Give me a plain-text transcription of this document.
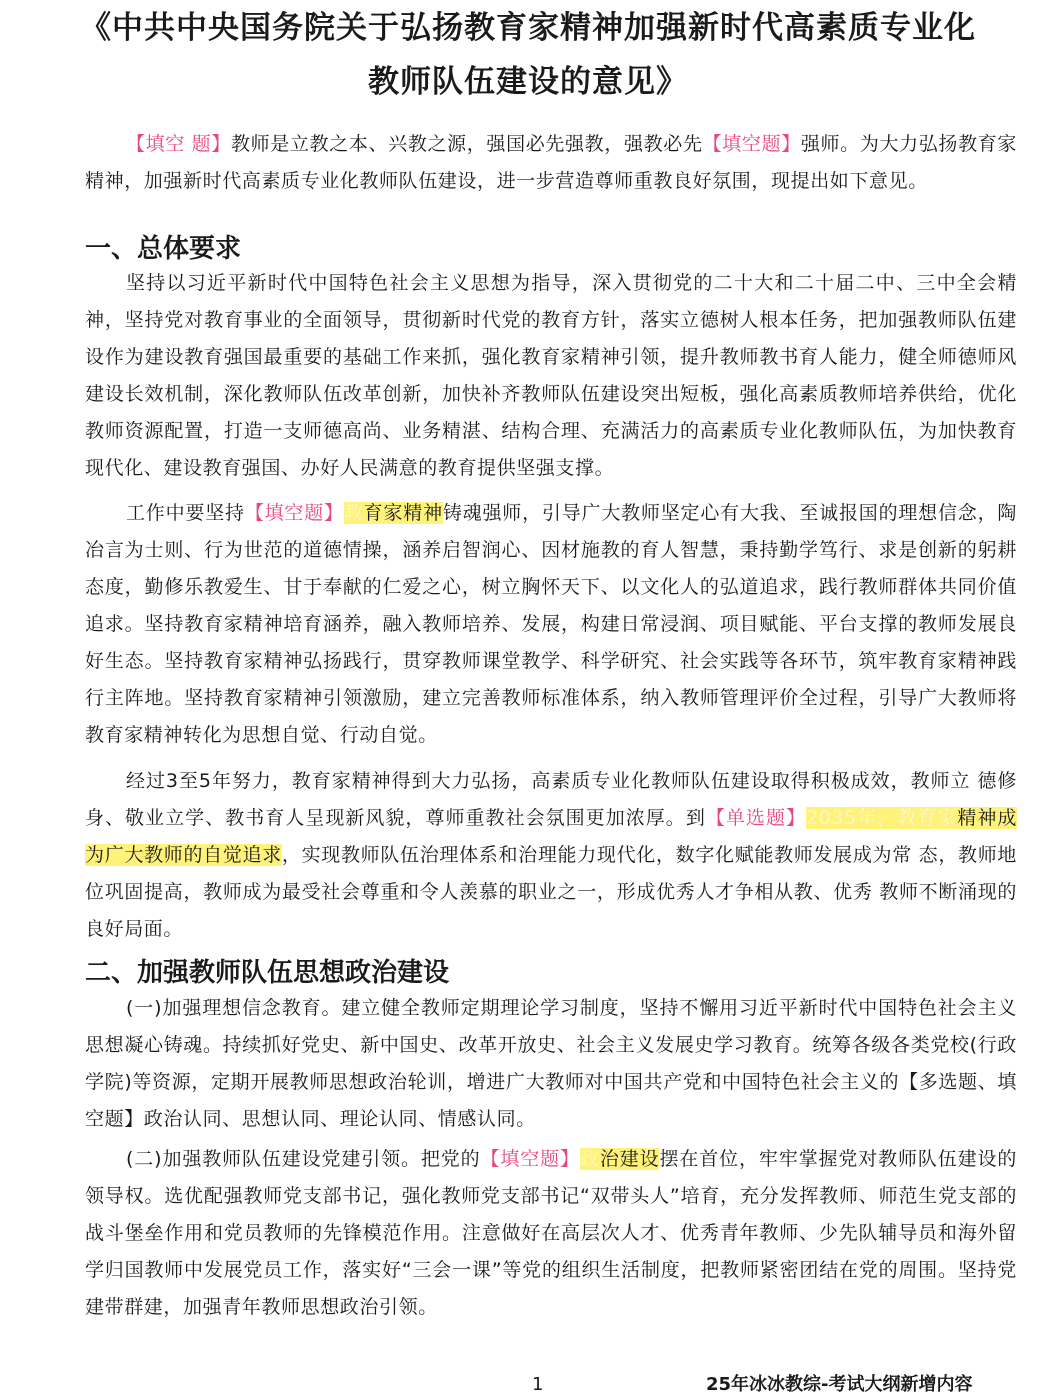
《中共中央国务院关于弘扬教育家精神加强新时代高素质专业化
教师队伍建设的意见》

【填空 题】教师是立教之本、兴教之源，强国必先强教，强教必先【填空题】强师。为大力弘扬教育家精神，加强新时代高素质专业化教师队伍建设，进一步营造尊师重教良好氛围，现提出如下意见。

一、总体要求

坚持以习近平新时代中国特色社会主义思想为指导，深入贯彻党的二十大和二十届二中、三中全会精神，坚持党对教育事业的全面领导，贯彻新时代党的教育方针，落实立德树人根本任务，把加强教师队伍建设作为建设教育强国最重要的基础工作来抓，强化教育家精神引领，提升教师教书育人能力，健全师德师风建设长效机制，深化教师队伍改革创新，加快补齐教师队伍建设突出短板，强化高素质教师培养供给，优化教师资源配置，打造一支师德高尚、业务精湛、结构合理、充满活力的高素质专业化教师队伍，为加快教育现代化、建设教育强国、办好人民满意的教育提供坚强支撑。

工作中要坚持【填空题】教育家精神铸魂强师，引导广大教师坚定心有大我、至诚报国的理想信念，陶冶言为士则、行为世范的道德情操，涵养启智润心、因材施教的育人智慧，秉持勤学笃行、求是创新的躬耕态度，勤修乐教爱生、甘于奉献的仁爱之心，树立胸怀天下、以文化人的弘道追求，践行教师群体共同价值追求。坚持教育家精神培育涵养，融入教师培养、发展，构建日常浸润、项目赋能、平台支撑的教师发展良好生态。坚持教育家精神弘扬践行，贯穿教师课堂教学、科学研究、社会实践等各环节，筑牢教育家精神践行主阵地。坚持教育家精神引领激励，建立完善教师标准体系，纳入教师管理评价全过程，引导广大教师将教育家精神转化为思想自觉、行动自觉。

经过3至5年努力，教育家精神得到大力弘扬，高素质专业化教师队伍建设取得积极成效，教师立 德修身、敬业立学、教书育人呈现新风貌，尊师重教社会氛围更加浓厚。到【单选题】2035年，教育家精神成为广大教师的自觉追求，实现教师队伍治理体系和治理能力现代化，数字化赋能教师发展成为常 态，教师地位巩固提高，教师成为最受社会尊重和令人羡慕的职业之一，形成优秀人才争相从教、优秀 教师不断涌现的良好局面。

二、加强教师队伍思想政治建设

(一)加强理想信念教育。建立健全教师定期理论学习制度，坚持不懈用习近平新时代中国特色社会主义思想凝心铸魂。持续抓好党史、新中国史、改革开放史、社会主义发展史学习教育。统筹各级各类党校(行政学院)等资源，定期开展教师思想政治轮训，增进广大教师对中国共产党和中国特色社会主义的【多选题、填空题】政治认同、思想认同、理论认同、情感认同。

(二)加强教师队伍建设党建引领。把党的【填空题】政治建设摆在首位，牢牢掌握党对教师队伍建设的领导权。选优配强教师党支部书记，强化教师党支部书记“双带头人”培育，充分发挥教师、师范生党支部的战斗堡垒作用和党员教师的先锋模范作用。注意做好在高层次人才、优秀青年教师、少先队辅导员和海外留学归国教师中发展党员工作，落实好“三会一课”等党的组织生活制度，把教师紧密团结在党的周围。坚持党建带群建，加强青年教师思想政治引领。

1	25年冰冰教综-考试大纲新增内容
